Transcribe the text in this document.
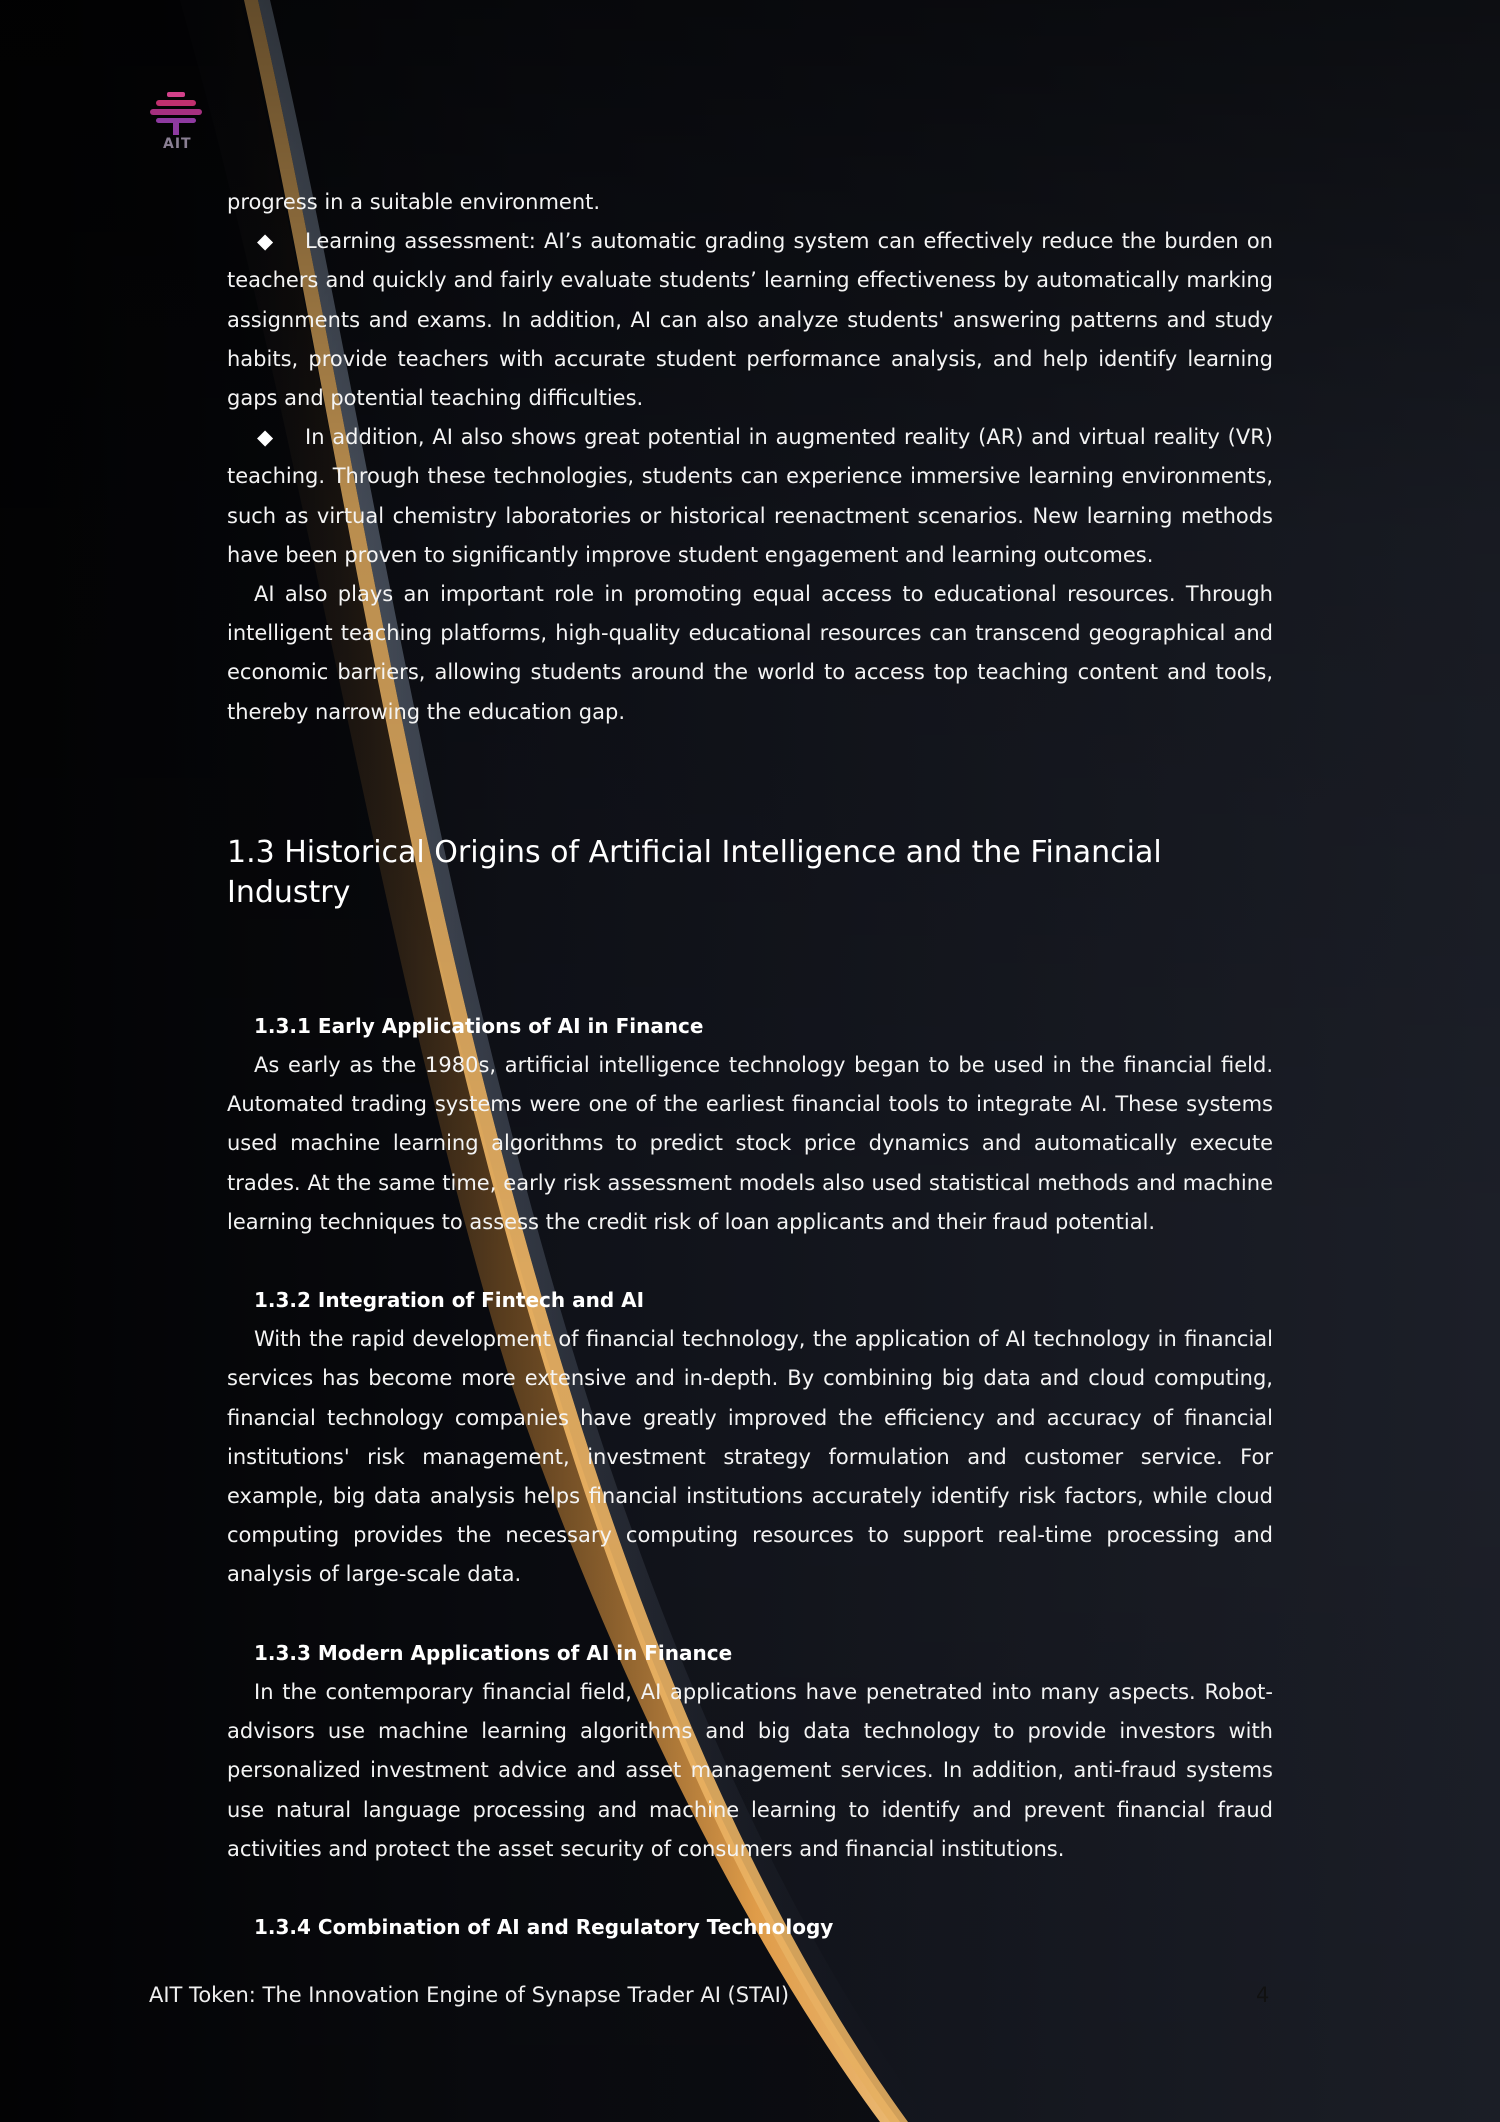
AIT

progress in a suitable environment.

◆ Learning assessment: AI’s automatic grading system can effectively reduce the burden on teachers and quickly and fairly evaluate students’ learning effectiveness by automatically marking assignments and exams. In addition, AI can also analyze students' answering patterns and study habits, provide teachers with accurate student performance analysis, and help identify learning gaps and potential teaching difficulties.

◆ In addition, AI also shows great potential in augmented reality (AR) and virtual reality (VR) teaching. Through these technologies, students can experience immersive learning environments, such as virtual chemistry laboratories or historical reenactment scenarios. New learning methods have been proven to significantly improve student engagement and learning outcomes.

AI also plays an important role in promoting equal access to educational resources. Through intelligent teaching platforms, high-quality educational resources can transcend geographical and economic barriers, allowing students around the world to access top teaching content and tools, thereby narrowing the education gap.

1.3 Historical Origins of Artificial Intelligence and the Financial Industry

1.3.1 Early Applications of AI in Finance

As early as the 1980s, artificial intelligence technology began to be used in the financial field. Automated trading systems were one of the earliest financial tools to integrate AI. These systems used machine learning algorithms to predict stock price dynamics and automatically execute trades. At the same time, early risk assessment models also used statistical methods and machine learning techniques to assess the credit risk of loan applicants and their fraud potential.

1.3.2 Integration of Fintech and AI

With the rapid development of financial technology, the application of AI technology in financial services has become more extensive and in-depth. By combining big data and cloud computing, financial technology companies have greatly improved the efficiency and accuracy of financial institutions' risk management, investment strategy formulation and customer service. For example, big data analysis helps financial institutions accurately identify risk factors, while cloud computing provides the necessary computing resources to support real-time processing and analysis of large-scale data.

1.3.3 Modern Applications of AI in Finance

In the contemporary financial field, AI applications have penetrated into many aspects. Robot-advisors use machine learning algorithms and big data technology to provide investors with personalized investment advice and asset management services. In addition, anti-fraud systems use natural language processing and machine learning to identify and prevent financial fraud activities and protect the asset security of consumers and financial institutions.

1.3.4 Combination of AI and Regulatory Technology

AIT Token: The Innovation Engine of Synapse Trader AI (STAI)	4
